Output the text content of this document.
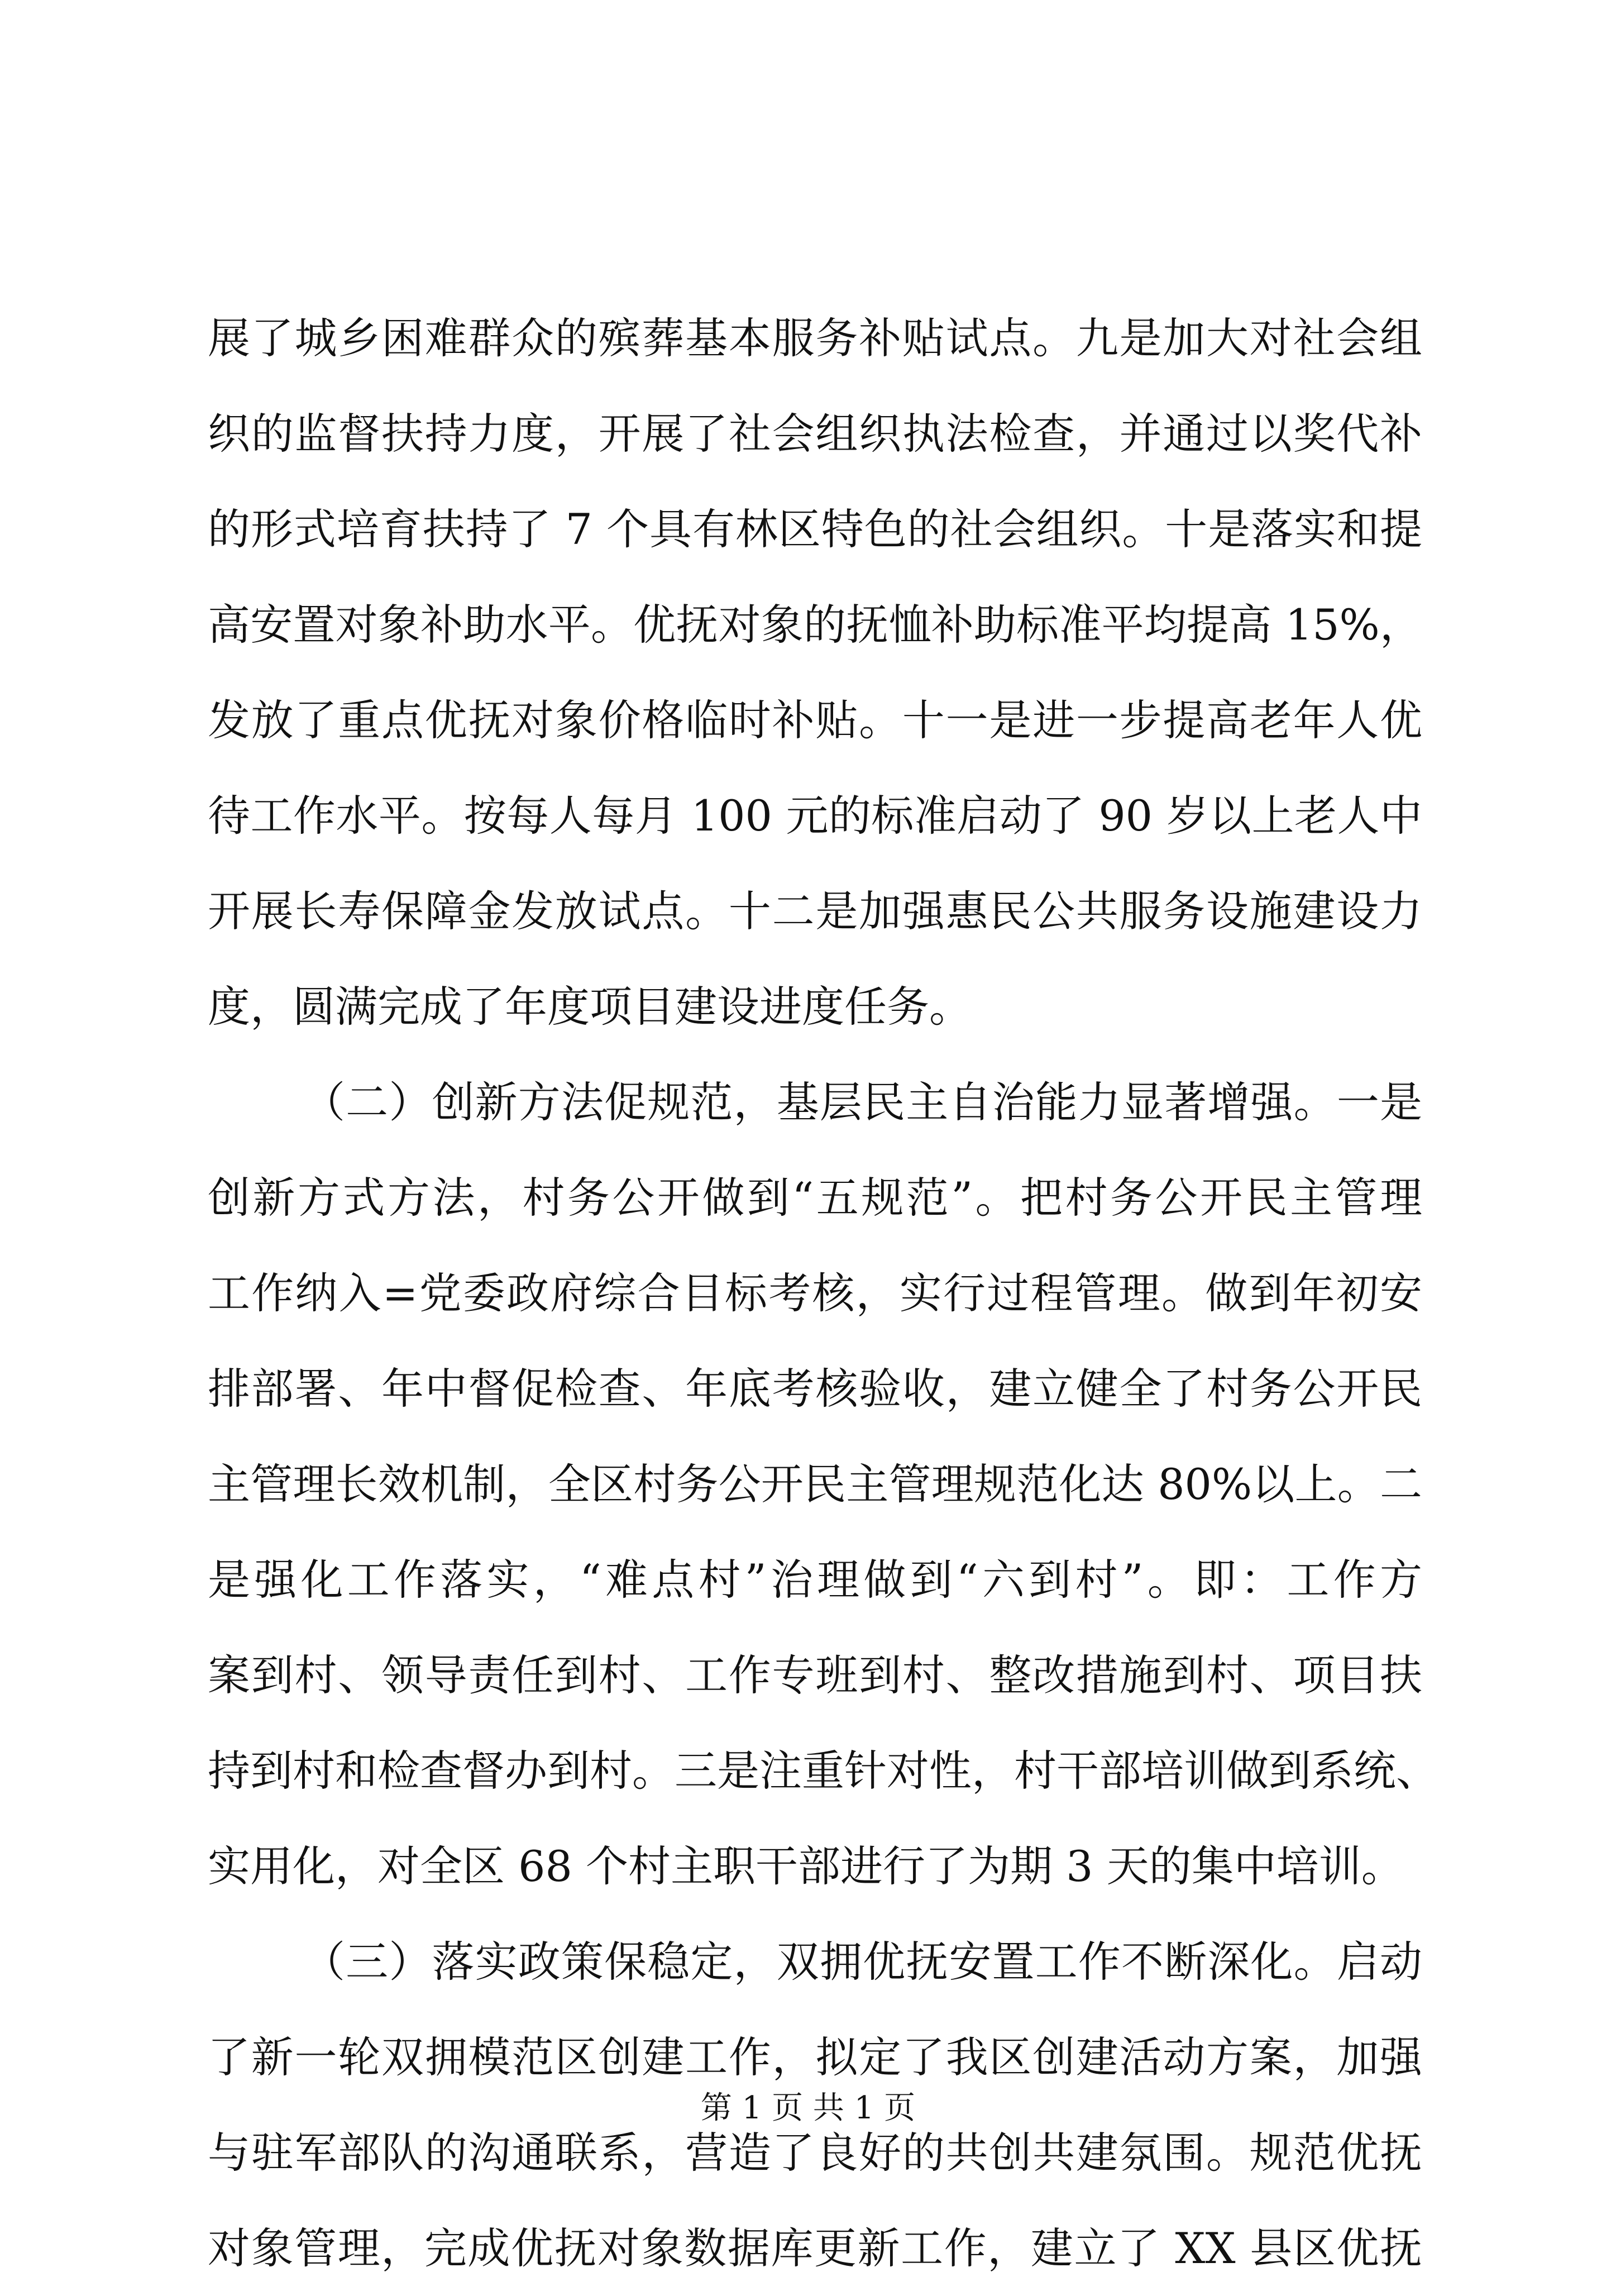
展了城乡困难群众的殡葬基本服务补贴试点。九是加大对社会组
织的监督扶持力度，开展了社会组织执法检查，并通过以奖代补
的形式培育扶持了 7 个具有林区特色的社会组织。十是落实和提
高安置对象补助水平。优抚对象的抚恤补助标准平均提高 15%，
发放了重点优抚对象价格临时补贴。十一是进一步提高老年人优
待工作水平。按每人每月 100 元的标准启动了 90 岁以上老人中
开展长寿保障金发放试点。十二是加强惠民公共服务设施建设力
度，圆满完成了年度项目建设进度任务。
（二）创新方法促规范，基层民主自治能力显著增强。一是
创新方式方法，村务公开做到“五规范”。把村务公开民主管理
工作纳入=党委政府综合目标考核，实行过程管理。做到年初安
排部署、年中督促检查、年底考核验收，建立健全了村务公开民
主管理长效机制，全区村务公开民主管理规范化达 80%以上。二
是强化工作落实，“难点村”治理做到“六到村”。即：工作方
案到村、领导责任到村、工作专班到村、整改措施到村、项目扶
持到村和检查督办到村。三是注重针对性，村干部培训做到系统、
实用化，对全区 68 个村主职干部进行了为期 3 天的集中培训。
（三）落实政策保稳定，双拥优抚安置工作不断深化。启动
了新一轮双拥模范区创建工作，拟定了我区创建活动方案，加强
与驻军部队的沟通联系，营造了良好的共创共建氛围。规范优抚
对象管理，完成优抚对象数据库更新工作，建立了 XX 县区优抚
第 1 页 共 1 页
